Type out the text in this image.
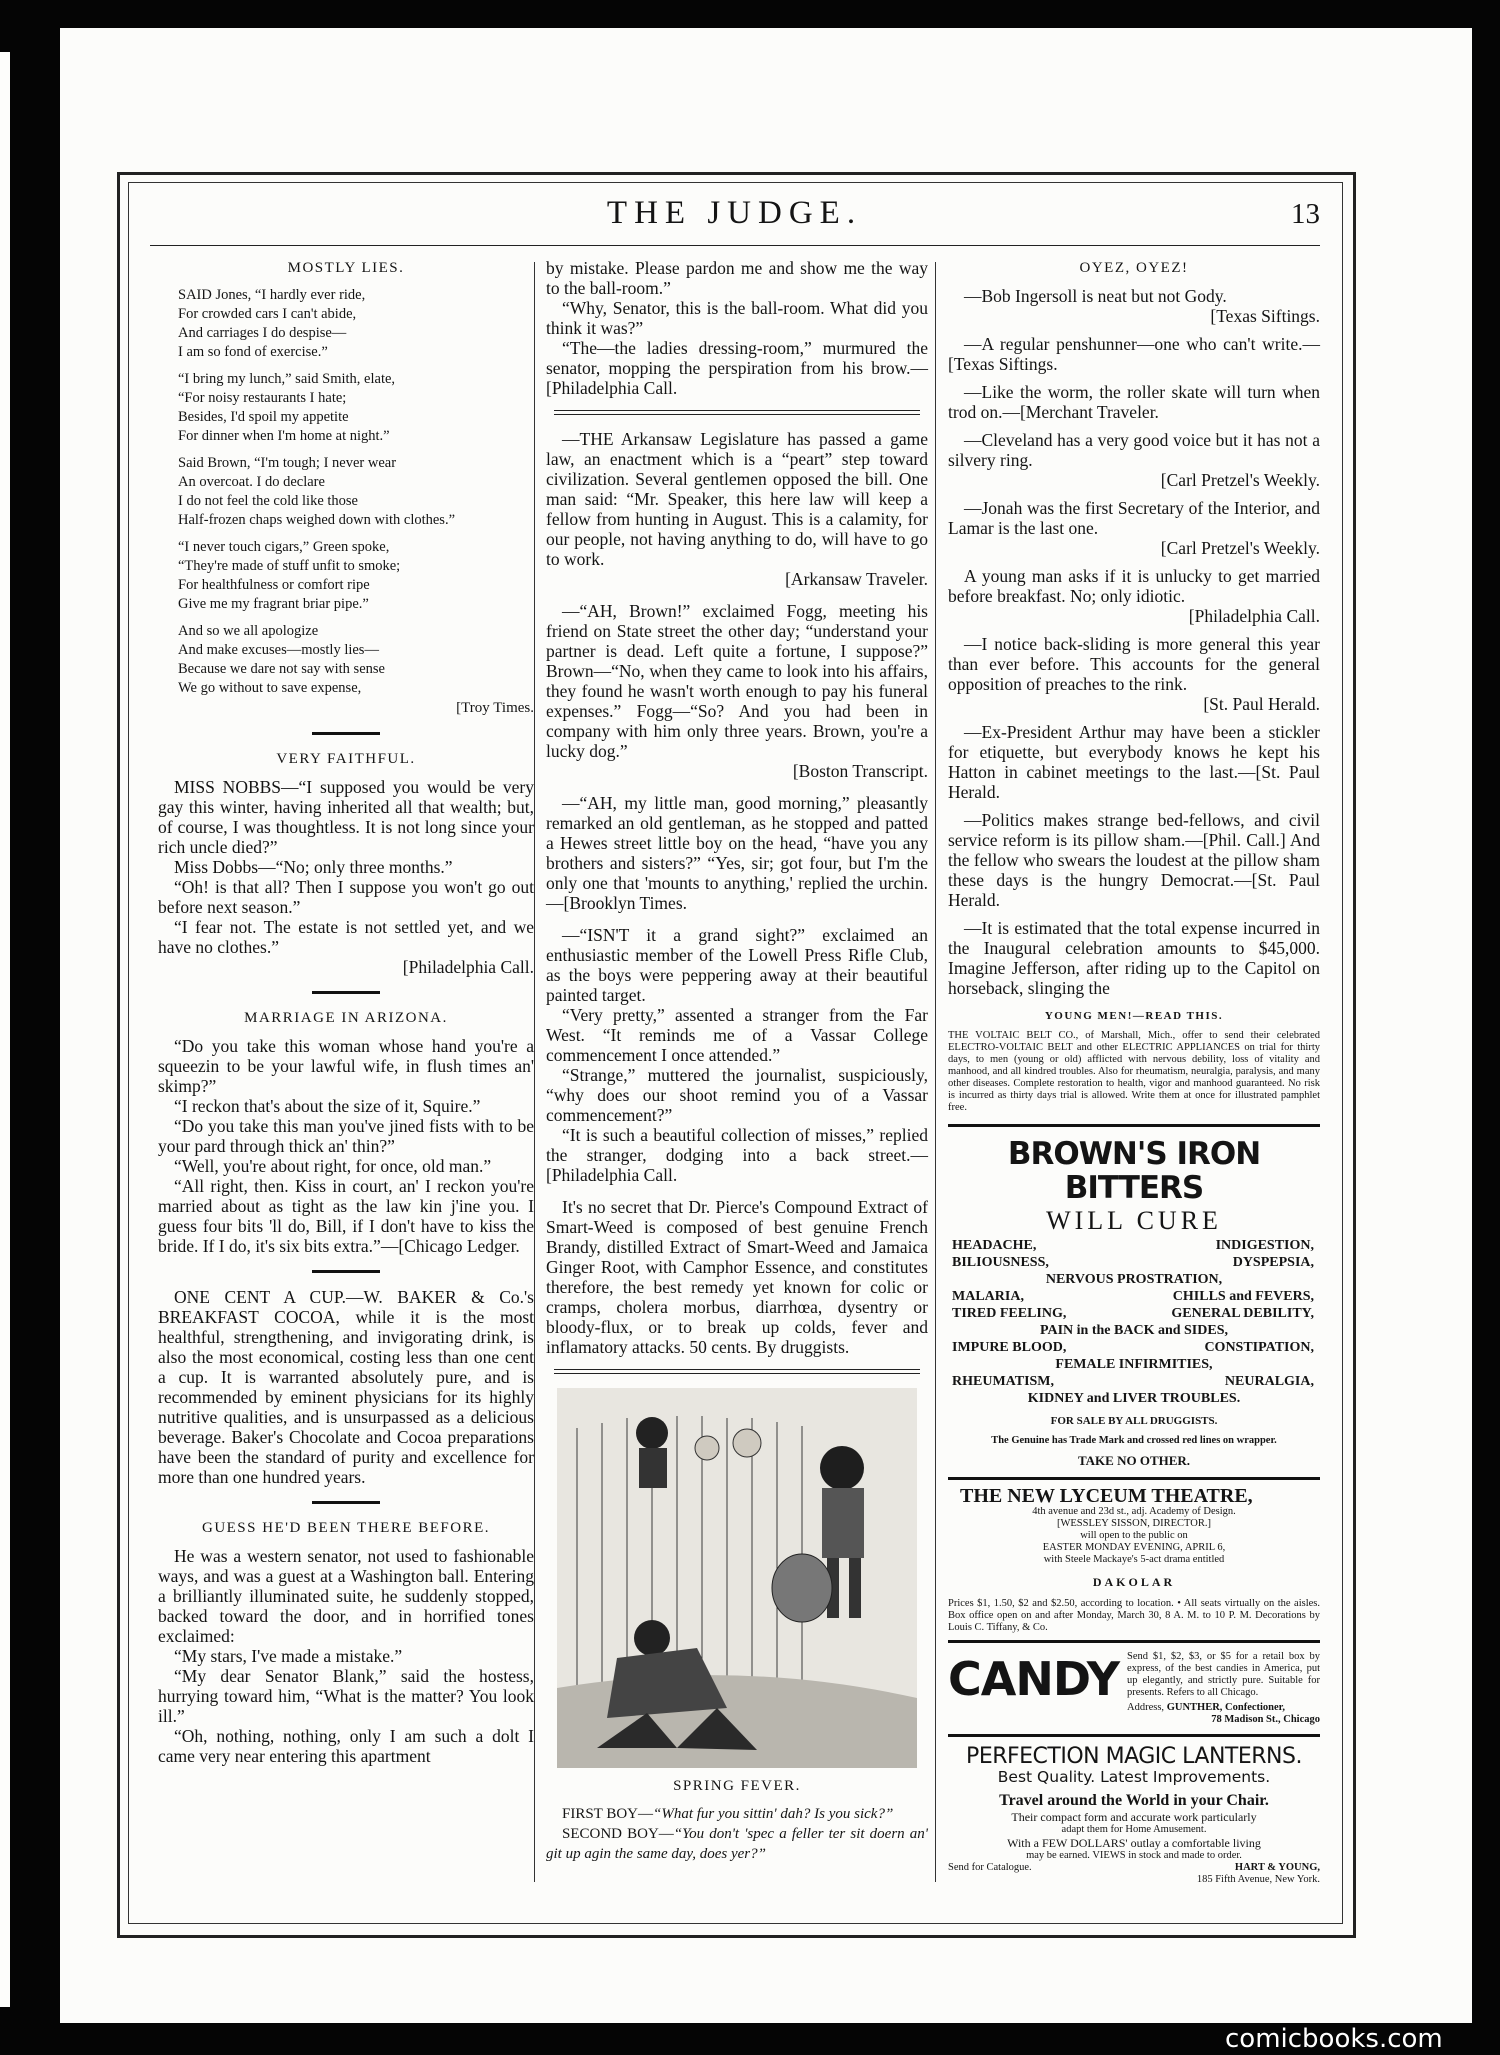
THE JUDGE.	13
MOSTLY LIES.
SAID Jones, “I hardly ever ride,
For crowded cars I can't abide,
And carriages I do despise—
I am so fond of exercise.”
“I bring my lunch,” said Smith, elate,
“For noisy restaurants I hate;
Besides, I'd spoil my appetite
For dinner when I'm home at night.”
Said Brown, “I'm tough; I never wear
An overcoat. I do declare
I do not feel the cold like those
Half-frozen chaps weighed down with clothes.”
“I never touch cigars,” Green spoke,
“They're made of stuff unfit to smoke;
For healthfulness or comfort ripe
Give me my fragrant briar pipe.”
And so we all apologize
And make excuses—mostly lies—
Because we dare not say with sense
We go without to save expense,
[Troy Times.
VERY FAITHFUL.

MISS NOBBS—“I supposed you would be very gay this winter, having inherited all that wealth; but, of course, I was thoughtless. It is not long since your rich uncle died?”

Miss Dobbs—“No; only three months.”

“Oh! is that all? Then I suppose you won't go out before next season.”

“I fear not. The estate is not settled yet, and we have no clothes.”

[Philadelphia Call.
MARRIAGE IN ARIZONA.

“Do you take this woman whose hand you're a squeezin to be your lawful wife, in flush times an' skimp?”

“I reckon that's about the size of it, Squire.”

“Do you take this man you've jined fists with to be your pard through thick an' thin?”

“Well, you're about right, for once, old man.”

“All right, then. Kiss in court, an' I reckon you're married about as tight as the law kin j'ine you. I guess four bits 'll do, Bill, if I don't have to kiss the bride. If I do, it's six bits extra.”—[Chicago Ledger.

ONE CENT A CUP.—W. BAKER & Co.'s BREAKFAST COCOA, while it is the most healthful, strengthening, and invigorating drink, is also the most economical, costing less than one cent a cup. It is warranted absolutely pure, and is recommended by eminent physicians for its highly nutritive qualities, and is unsurpassed as a delicious beverage. Baker's Chocolate and Cocoa preparations have been the standard of purity and excellence for more than one hundred years.

GUESS HE'D BEEN THERE BEFORE.

He was a western senator, not used to fashionable ways, and was a guest at a Washington ball. Entering a brilliantly illuminated suite, he suddenly stopped, backed toward the door, and in horrified tones exclaimed:

“My stars, I've made a mistake.”

“My dear Senator Blank,” said the hostess, hurrying toward him, “What is the matter? You look ill.”

“Oh, nothing, nothing, only I am such a dolt I came very near entering this apartment

by mistake. Please pardon me and show me the way to the ball-room.”

“Why, Senator, this is the ball-room. What did you think it was?”

“The—the ladies dressing-room,” murmured the senator, mopping the perspiration from his brow.—[Philadelphia Call.

—THE Arkansaw Legislature has passed a game law, an enactment which is a “peart” step toward civilization. Several gentlemen opposed the bill. One man said: “Mr. Speaker, this here law will keep a fellow from hunting in August. This is a calamity, for our people, not having anything to do, will have to go to work.

[Arkansaw Traveler.

—“AH, Brown!” exclaimed Fogg, meeting his friend on State street the other day; “understand your partner is dead. Left quite a fortune, I suppose?” Brown—“No, when they came to look into his affairs, they found he wasn't worth enough to pay his funeral expenses.” Fogg—“So? And you had been in company with him only three years. Brown, you're a lucky dog.”

[Boston Transcript.

—“AH, my little man, good morning,” pleasantly remarked an old gentleman, as he stopped and patted a Hewes street little boy on the head, “have you any brothers and sisters?” “Yes, sir; got four, but I'm the only one that 'mounts to anything,' replied the urchin.—[Brooklyn Times.

—“ISN'T it a grand sight?” exclaimed an enthusiastic member of the Lowell Press Rifle Club, as the boys were peppering away at their beautiful painted target.

“Very pretty,” assented a stranger from the Far West. “It reminds me of a Vassar College commencement I once attended.”

“Strange,” muttered the journalist, suspiciously, “why does our shoot remind you of a Vassar commencement?”

“It is such a beautiful collection of misses,” replied the stranger, dodging into a back street.—[Philadelphia Call.

It's no secret that Dr. Pierce's Compound Extract of Smart-Weed is composed of best genuine French Brandy, distilled Extract of Smart-Weed and Jamaica Ginger Root, with Camphor Essence, and constitutes therefore, the best remedy yet known for colic or cramps, cholera morbus, diarrhœa, dysentry or bloody-flux, or to break up colds, fever and inflamatory attacks. 50 cents. By druggists.

SPRING FEVER.

FIRST BOY—“What fur you sittin' dah? Is you sick?”

SECOND BOY—“You don't 'spec a feller ter sit doern an' git up agin the same day, does yer?”

OYEZ, OYEZ!

—Bob Ingersoll is neat but not Gody.

[Texas Siftings.

—A regular penshunner—one who can't write.—[Texas Siftings.

—Like the worm, the roller skate will turn when trod on.—[Merchant Traveler.

—Cleveland has a very good voice but it has not a silvery ring.

[Carl Pretzel's Weekly.

—Jonah was the first Secretary of the Interior, and Lamar is the last one.

[Carl Pretzel's Weekly.

A young man asks if it is unlucky to get married before breakfast. No; only idiotic.

[Philadelphia Call.

—I notice back-sliding is more general this year than ever before. This accounts for the general opposition of preaches to the rink.

[St. Paul Herald.

—Ex-President Arthur may have been a stickler for etiquette, but everybody knows he kept his Hatton in cabinet meetings to the last.—[St. Paul Herald.

—Politics makes strange bed-fellows, and civil service reform is its pillow sham.—[Phil. Call.] And the fellow who swears the loudest at the pillow sham these days is the hungry Democrat.—[St. Paul Herald.

—It is estimated that the total expense incurred in the Inaugural celebration amounts to $45,000. Imagine Jefferson, after riding up to the Capitol on horseback, slinging the

YOUNG MEN!—READ THIS.
THE VOLTAIC BELT CO., of Marshall, Mich., offer to send their celebrated ELECTRO-VOLTAIC BELT and other ELECTRIC APPLIANCES on trial for thirty days, to men (young or old) afflicted with nervous debility, loss of vitality and manhood, and all kindred troubles. Also for rheumatism, neuralgia, paralysis, and many other diseases. Complete restoration to health, vigor and manhood guaranteed. No risk is incurred as thirty days trial is allowed. Write them at once for illustrated pamphlet free.
BROWN'S IRON BITTERS
WILL CURE
HEADACHE,	INDIGESTION,
BILIOUSNESS,	DYSPEPSIA,
NERVOUS PROSTRATION,
MALARIA,	CHILLS and FEVERS,
TIRED FEELING,	GENERAL DEBILITY,
PAIN in the BACK and SIDES,
IMPURE BLOOD,	CONSTIPATION,
FEMALE INFIRMITIES,
RHEUMATISM,	NEURALGIA,
KIDNEY and LIVER TROUBLES.
FOR SALE BY ALL DRUGGISTS.
The Genuine has Trade Mark and crossed red lines on wrapper.
TAKE NO OTHER.
THE NEW LYCEUM THEATRE,
4th avenue and 23d st., adj. Academy of Design.
[WESSLEY SISSON, DIRECTOR.]
will open to the public on
EASTER MONDAY EVENING, APRIL 6,
with Steele Mackaye's 5-act drama entitled
DAKOLAR
Prices $1, 1.50, $2 and $2.50, according to location. • All seats virtually on the aisles. Box office open on and after Monday, March 30, 8 A. M. to 10 P. M. Decorations by Louis C. Tiffany, & Co.
CANDY Send $1, $2, $3, or $5 for a retail box by express, of the best candies in America, put up elegantly, and strictly pure. Suitable for presents. Refers to all Chicago.
Address, GUNTHER, Confectioner,
78 Madison St., Chicago
PERFECTION MAGIC LANTERNS.
Best Quality. Latest Improvements.
Travel around the World in your Chair.
Their compact form and accurate work particularly
adapt them for Home Amusement.
With a FEW DOLLARS' outlay a comfortable living
may be earned. VIEWS in stock and made to order.
Send for Catalogue.	HART & YOUNG,
185 Fifth Avenue, New York.
comicbooks.com
